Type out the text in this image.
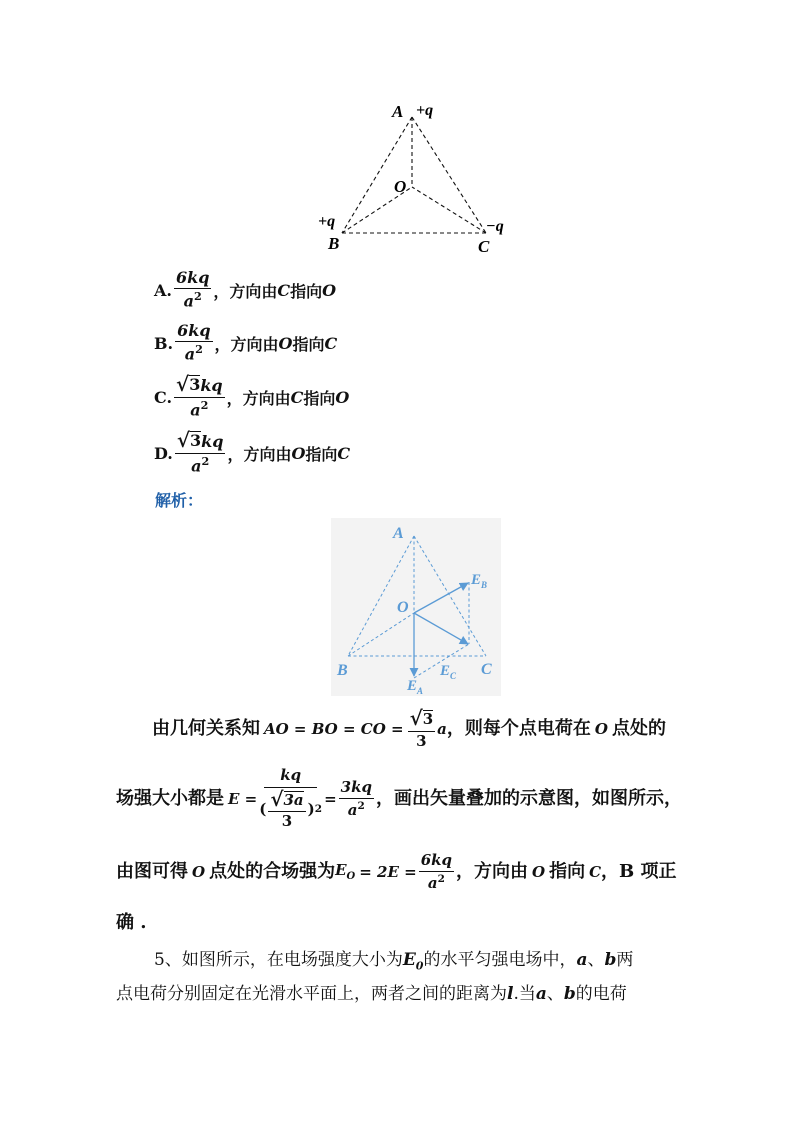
A +q
O
+q
B
−q
C
A. $\frac{6kq}{a^2}$ ，方向由 C 指向 O
B. $\frac{6kq}{a^2}$ ，方向由 O 指向 C
C. $\frac{√ 3 kq}{a^2}$ ，方向由 C 指向 O
D. $\frac{√ 3 kq}{a^2}$ ，方向由 O 指向 C
解析：
A
O
B	C
$E_B$
$E_C$
$E_A$
由几何关系知 AO = BO = CO = $\frac{√ 3}{3}$ a ，则每个点电荷在 O 点处的
场强大小都是 $E = \frac{kq}{( \frac{√ 3a}{3} ) 2} = \frac{3kq}{a^2}$ ，画出矢量叠加的示意图，如图所示，
由图可得 O 点处的合场强为 $E_O = 2E = \frac{6kq}{a^2}$ ，方向由 O 指向 C ，B 项正
确 .
5、如图所示，在电场强度大小为$E_0$的水平匀强电场中，a、b两
点电荷分别固定在光滑水平面上，两者之间的距离为l.当a、b的电荷
